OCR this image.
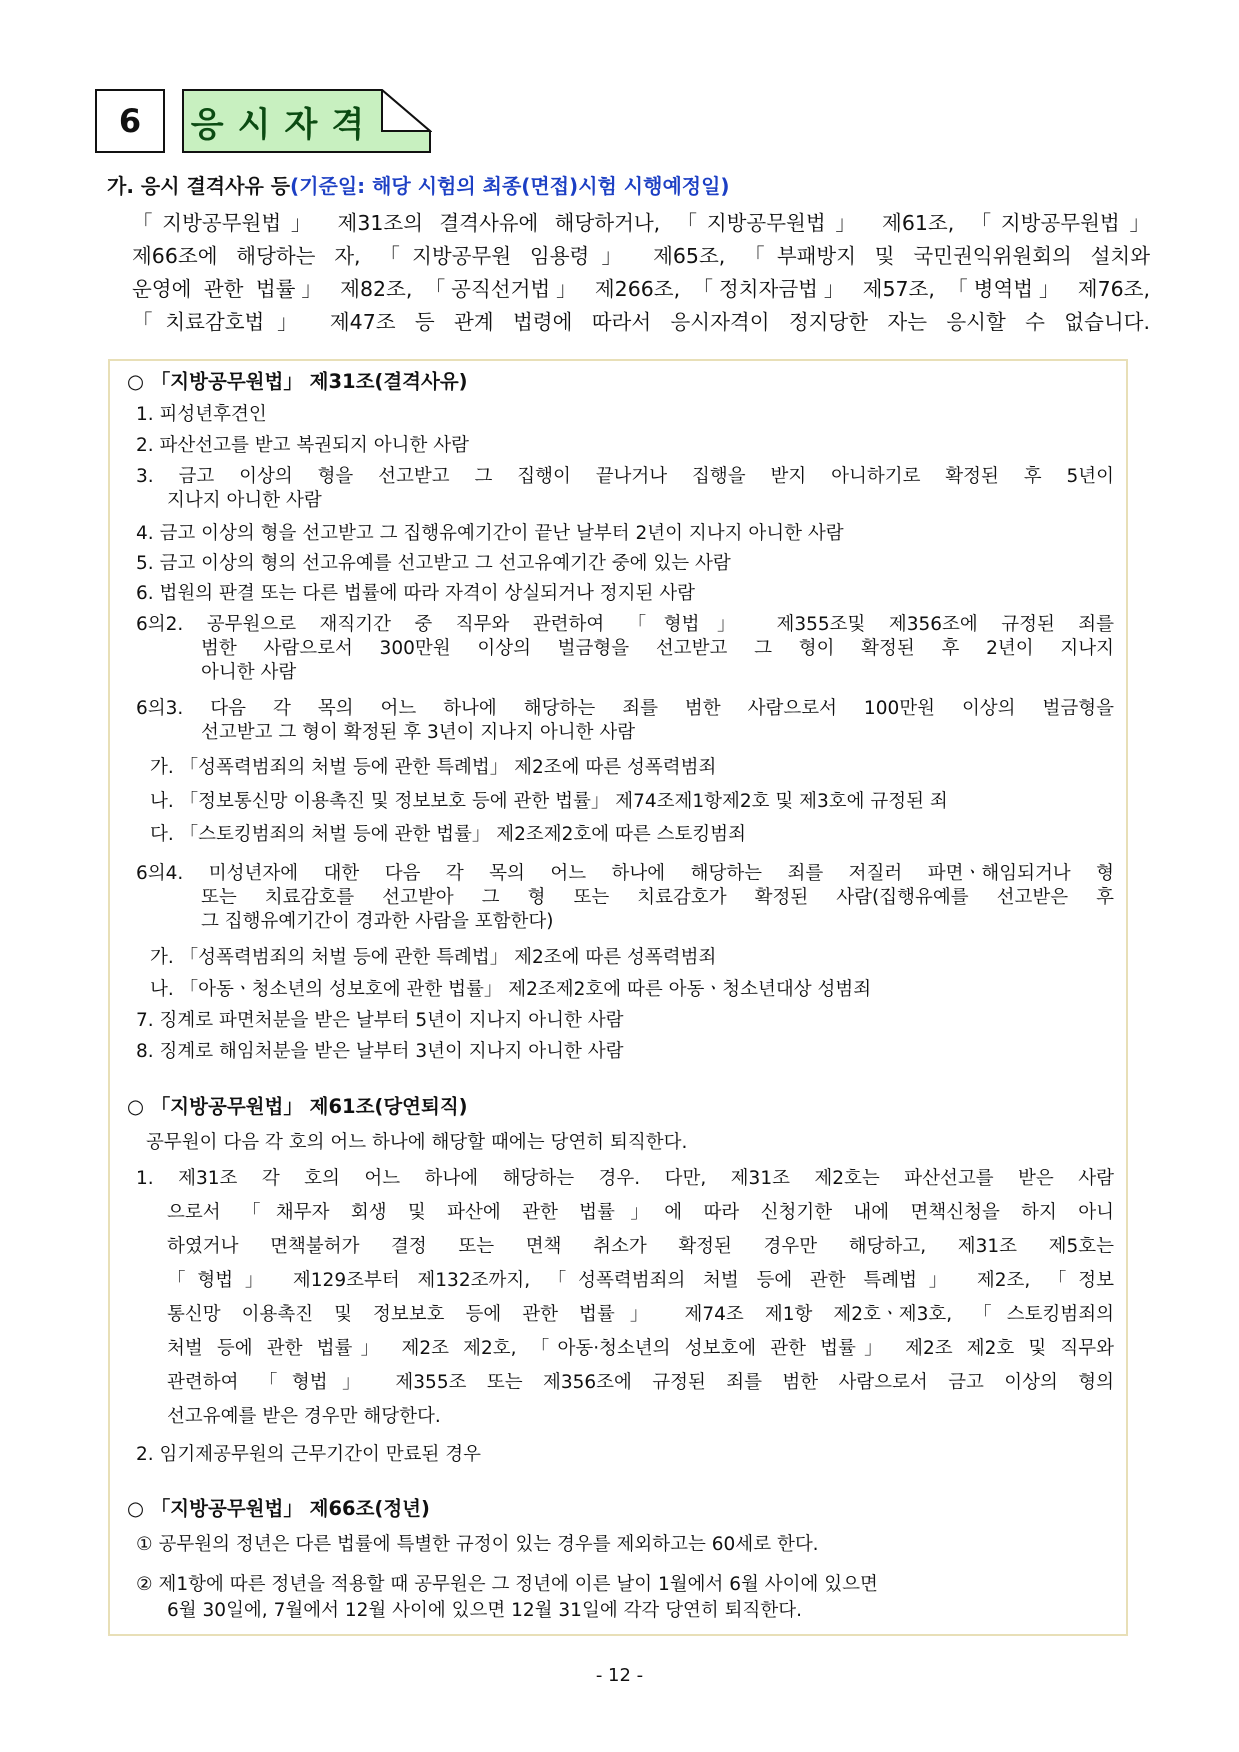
6	응시자격
가. 응시 결격사유 등(기준일: 해당 시험의 최종(면접)시험 시행예정일)
「지방공무원법」 제31조의 결격사유에 해당하거나, 「지방공무원법」 제61조, 「지방공무원법」
제66조에 해당하는 자, 「지방공무원 임용령」 제65조, 「부패방지 및 국민권익위원회의 설치와
운영에 관한 법률」 제82조, 「공직선거법」 제266조, 「정치자금법」 제57조, 「병역법」 제76조,
「치료감호법」 제47조 등 관계 법령에 따라서 응시자격이 정지당한 자는 응시할 수 없습니다.
○ 「지방공무원법」 제31조(결격사유)
1. 피성년후견인
2. 파산선고를 받고 복권되지 아니한 사람
3. 금고 이상의 형을 선고받고 그 집행이 끝나거나 집행을 받지 아니하기로 확정된 후 5년이
지나지 아니한 사람
4. 금고 이상의 형을 선고받고 그 집행유예기간이 끝난 날부터 2년이 지나지 아니한 사람
5. 금고 이상의 형의 선고유예를 선고받고 그 선고유예기간 중에 있는 사람
6. 법원의 판결 또는 다른 법률에 따라 자격이 상실되거나 정지된 사람
6의2. 공무원으로 재직기간 중 직무와 관련하여 「형법」 제355조및 제356조에 규정된 죄를
범한 사람으로서 300만원 이상의 벌금형을 선고받고 그 형이 확정된 후 2년이 지나지
아니한 사람
6의3. 다음 각 목의 어느 하나에 해당하는 죄를 범한 사람으로서 100만원 이상의 벌금형을
선고받고 그 형이 확정된 후 3년이 지나지 아니한 사람
가. 「성폭력범죄의 처벌 등에 관한 특례법」 제2조에 따른 성폭력범죄
나. 「정보통신망 이용촉진 및 정보보호 등에 관한 법률」 제74조제1항제2호 및 제3호에 규정된 죄
다. 「스토킹범죄의 처벌 등에 관한 법률」 제2조제2호에 따른 스토킹범죄
6의4. 미성년자에 대한 다음 각 목의 어느 하나에 해당하는 죄를 저질러 파면ㆍ해임되거나 형
또는 치료감호를 선고받아 그 형 또는 치료감호가 확정된 사람(집행유예를 선고받은 후
그 집행유예기간이 경과한 사람을 포함한다)
가. 「성폭력범죄의 처벌 등에 관한 특례법」 제2조에 따른 성폭력범죄
나. 「아동ㆍ청소년의 성보호에 관한 법률」 제2조제2호에 따른 아동ㆍ청소년대상 성범죄
7. 징계로 파면처분을 받은 날부터 5년이 지나지 아니한 사람
8. 징계로 해임처분을 받은 날부터 3년이 지나지 아니한 사람
○ 「지방공무원법」 제61조(당연퇴직)
공무원이 다음 각 호의 어느 하나에 해당할 때에는 당연히 퇴직한다.
1. 제31조 각 호의 어느 하나에 해당하는 경우. 다만, 제31조 제2호는 파산선고를 받은 사람
으로서 「채무자 회생 및 파산에 관한 법률」에 따라 신청기한 내에 면책신청을 하지 아니
하였거나 면책불허가 결정 또는 면책 취소가 확정된 경우만 해당하고, 제31조 제5호는
「형법」 제129조부터 제132조까지, 「성폭력범죄의 처벌 등에 관한 특례법」 제2조, 「정보
통신망 이용촉진 및 정보보호 등에 관한 법률」 제74조 제1항 제2호ㆍ제3호, 「스토킹범죄의
처벌 등에 관한 법률」 제2조 제2호, 「아동·청소년의 성보호에 관한 법률」 제2조 제2호 및 직무와
관련하여 「형법」 제355조 또는 제356조에 규정된 죄를 범한 사람으로서 금고 이상의 형의
선고유예를 받은 경우만 해당한다.
2. 임기제공무원의 근무기간이 만료된 경우
○ 「지방공무원법」 제66조(정년)
① 공무원의 정년은 다른 법률에 특별한 규정이 있는 경우를 제외하고는 60세로 한다.
② 제1항에 따른 정년을 적용할 때 공무원은 그 정년에 이른 날이 1월에서 6월 사이에 있으면
6월 30일에, 7월에서 12월 사이에 있으면 12월 31일에 각각 당연히 퇴직한다.
- 12 -
